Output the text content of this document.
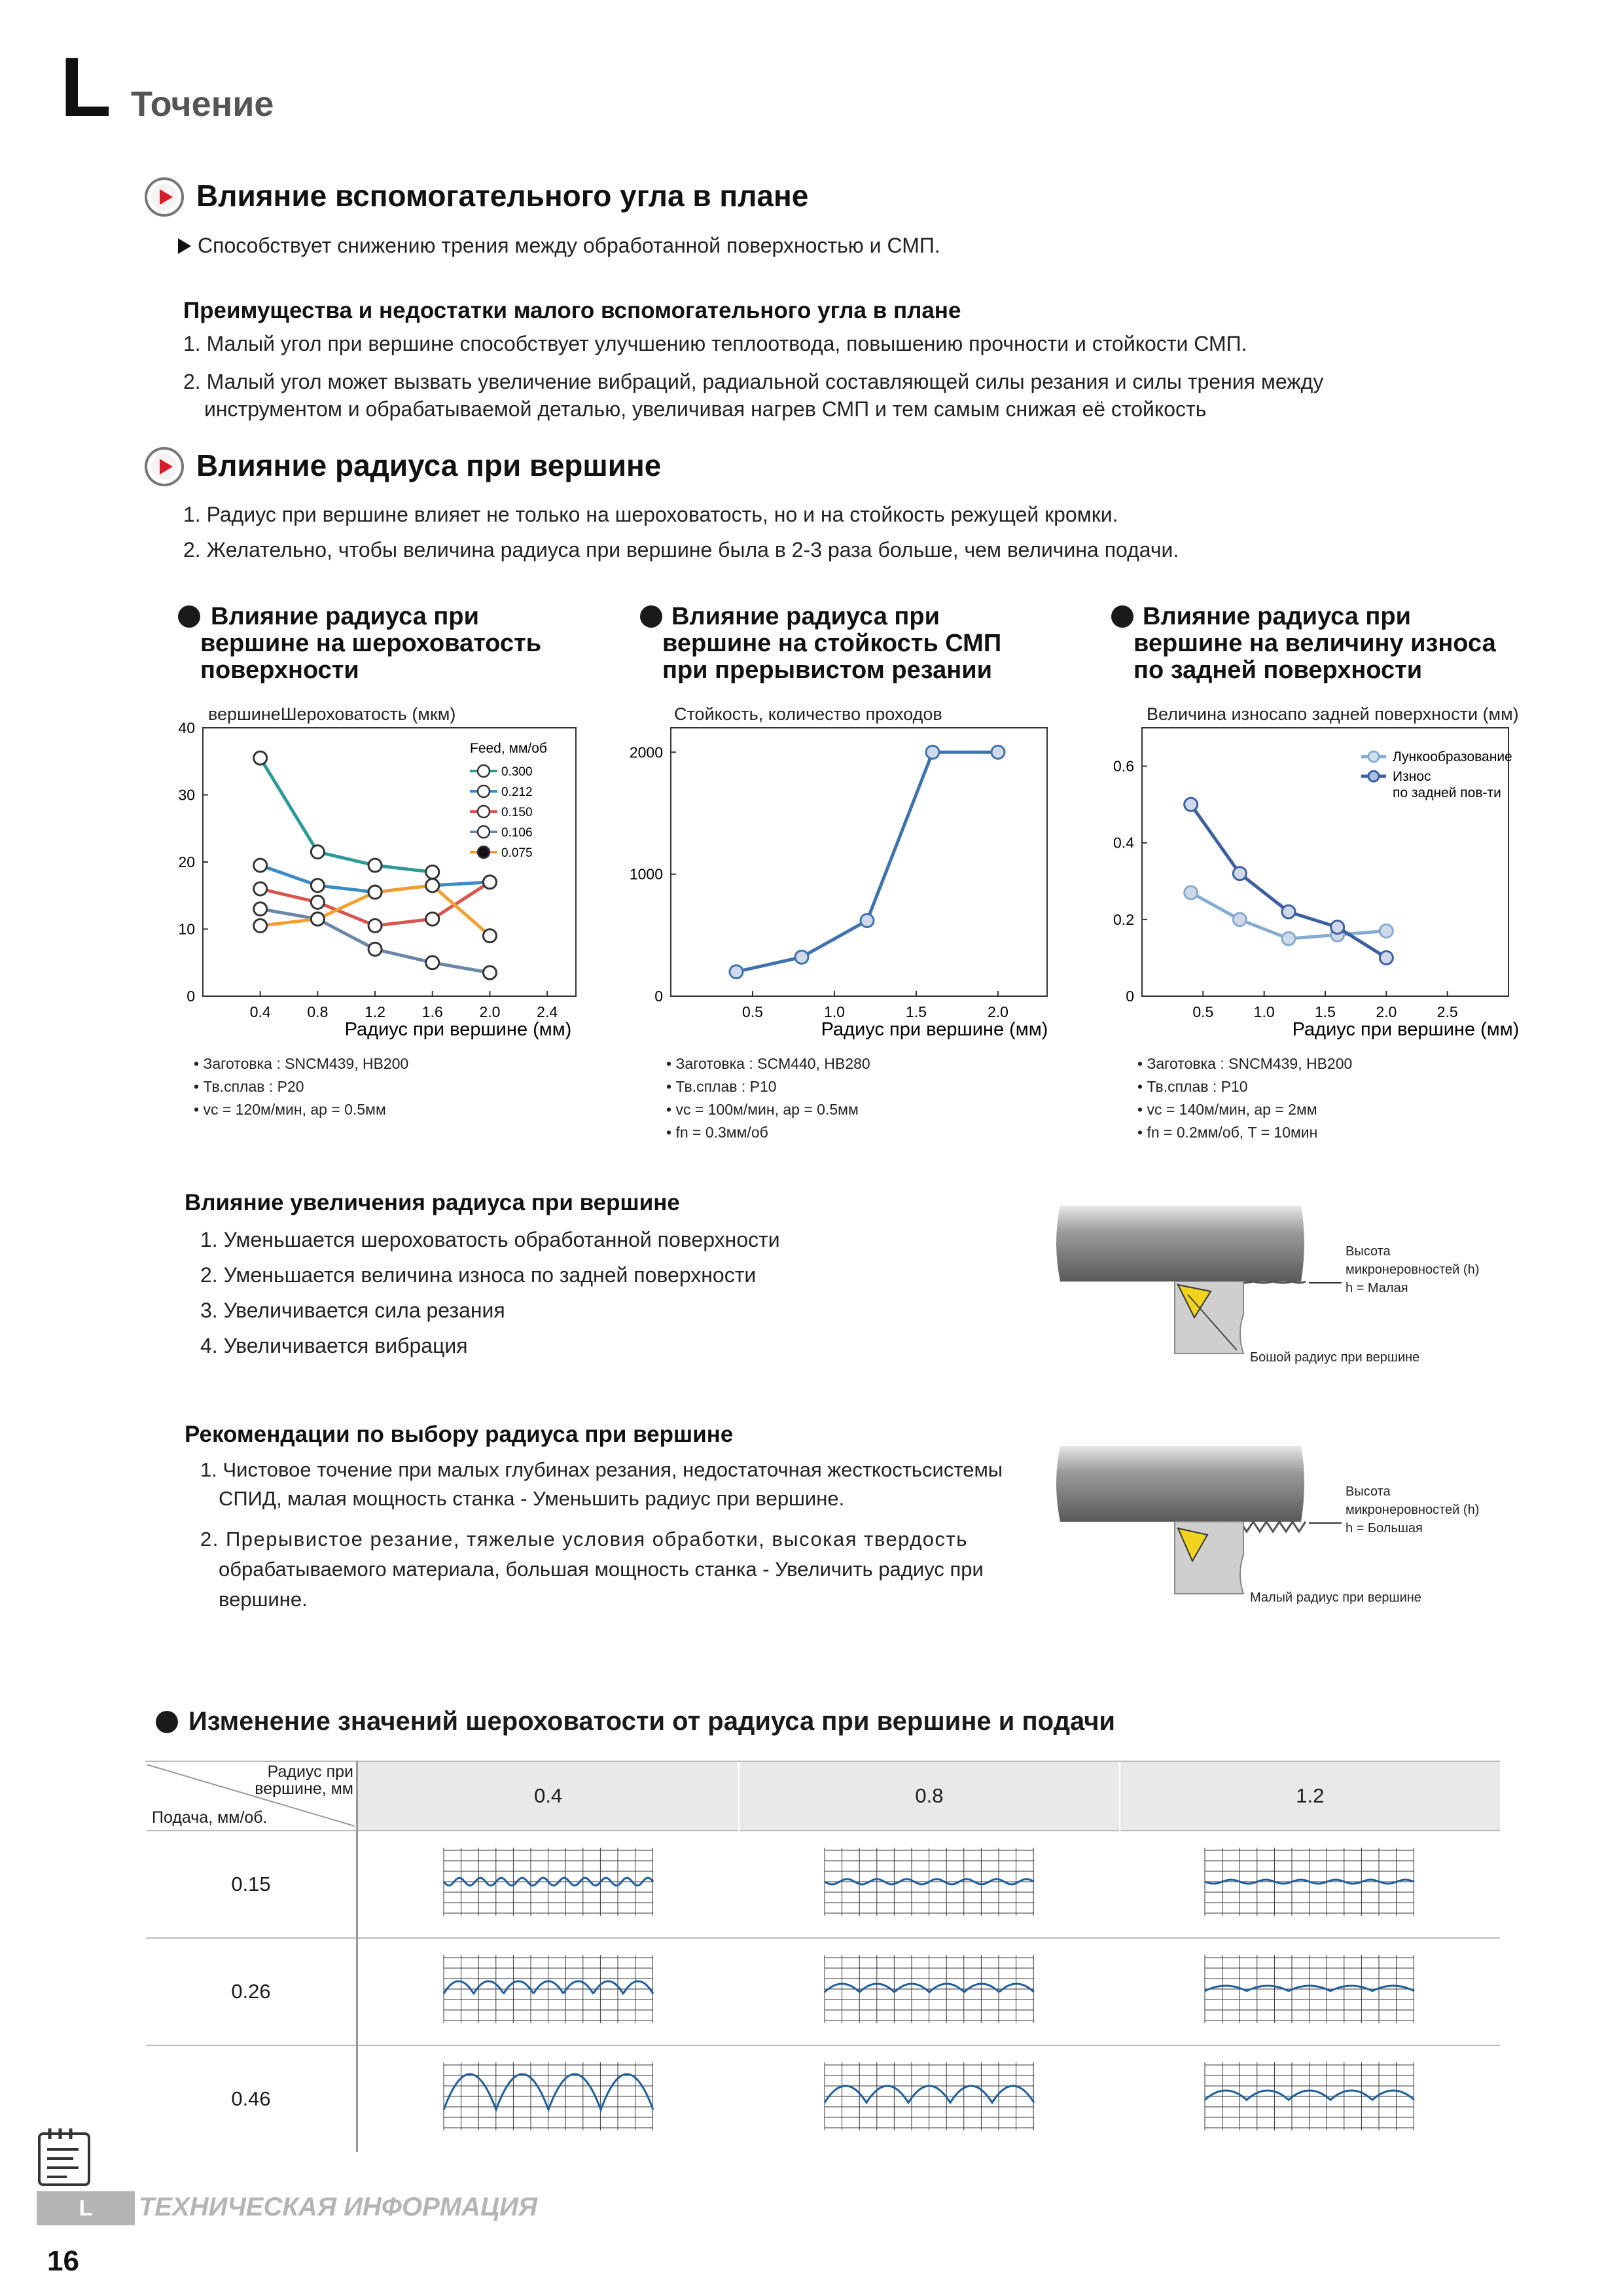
L Точение
Влияние вспомогательного угла в плане
Способствует снижению трения между обработанной поверхностью и СМП.
Преимущества и недостатки малого вспомогательного угла в плане
1. Малый угол при вершине способствует улучшению теплоотвода, повышению прочности и стойкости СМП.
2. Малый угол может вызвать увеличение вибраций, радиальной составляющей силы резания и силы трения между
инструментом и обрабатываемой деталью, увеличивая нагрев СМП и тем самым снижая её стойкость
Влияние радиуса при вершине
1. Радиус при вершине влияет не только на шероховатость, но и на стойкость режущей кромки.
2. Желательно, чтобы величина радиуса при вершине была в 2-3 раза больше, чем величина подачи.
Влияние радиуса при
вершине на шероховатость
поверхности
Влияние радиуса при
вершине на стойкость СМП
при прерывистом резании
Влияние радиуса при
вершине на величину износа
по задней поверхности
вершинеШероховатость (мкм)	Стойкость, количество проходов	Величина износапо задней поверхности (мм)
0.4 0.8 1.2 1.6 2.0 2.4
0
10
20
30
40
0.5	1.0	1.5	2.0
0
1000
2000
0.5	1.0	1.5	2.0	2.5
0
0.2
0.4
0.6
Feed, мм/об
0.300
0.212
0.150
0.106
0.075
Лункообразование
Износ
по задней пов-ти
Радиус при вершине (мм)	Радиус при вершине (мм)	Радиус при вершине (мм)
• Заготовка : SNCM439, HB200
• Тв.сплав : P20
• vc = 120м/мин, ap = 0.5мм
• Заготовка : SCM440, HB280
• Тв.сплав : P10
• vc = 100м/мин, ap = 0.5мм
• fn = 0.3мм/об
• Заготовка : SNCM439, HB200
• Тв.сплав : P10
• vc = 140м/мин, ap = 2мм
• fn = 0.2мм/об, T = 10мин
Влияние увеличения радиуса при вершине
1. Уменьшается шероховатость обработанной поверхности
2. Уменьшается величина износа по задней поверхности
3. Увеличивается сила резания
4. Увеличивается вибрация
Высота
микронеровностей (h)
h = Малая
Бошой радиус при вершине
Рекомендации по выбору радиуса при вершине
1. Чистовое точение при малых глубинах резания, недостаточная жесткостьсистемы
СПИД, малая мощность станка - Уменьшить радиус при вершине.
2. Прерывистое резание, тяжелые условия обработки, высокая твердость
обрабатываемого материала, большая мощность станка - Увеличить радиус при
вершине.
Высота
микронеровностей (h)
h = Большая
Малый радиус при вершине
Изменение значений шероховатости от радиуса при вершине и подачи
Радиус при
вершине, мм
Подача, мм/об.	0.4	0.8	1.2
0.15			
0.26			
0.46			
L	ТЕХНИЧЕСКАЯ ИНФОРМАЦИЯ
16
